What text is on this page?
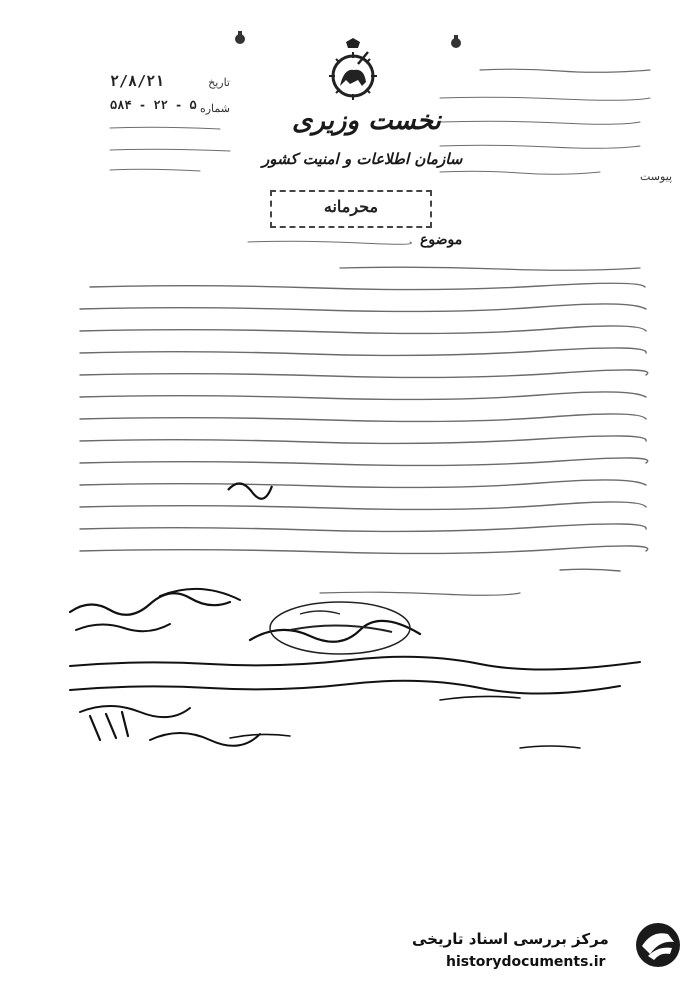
نخست وزیری
سازمان اطلاعات و امنیت کشور
تاریخ
۲/۸/۲۱
شماره
۵۸۴ - ۲۲ - ۵
پیوست
محرمانه
موضوع
مرکز بررسی اسناد تاریخی
historydocuments.ir
